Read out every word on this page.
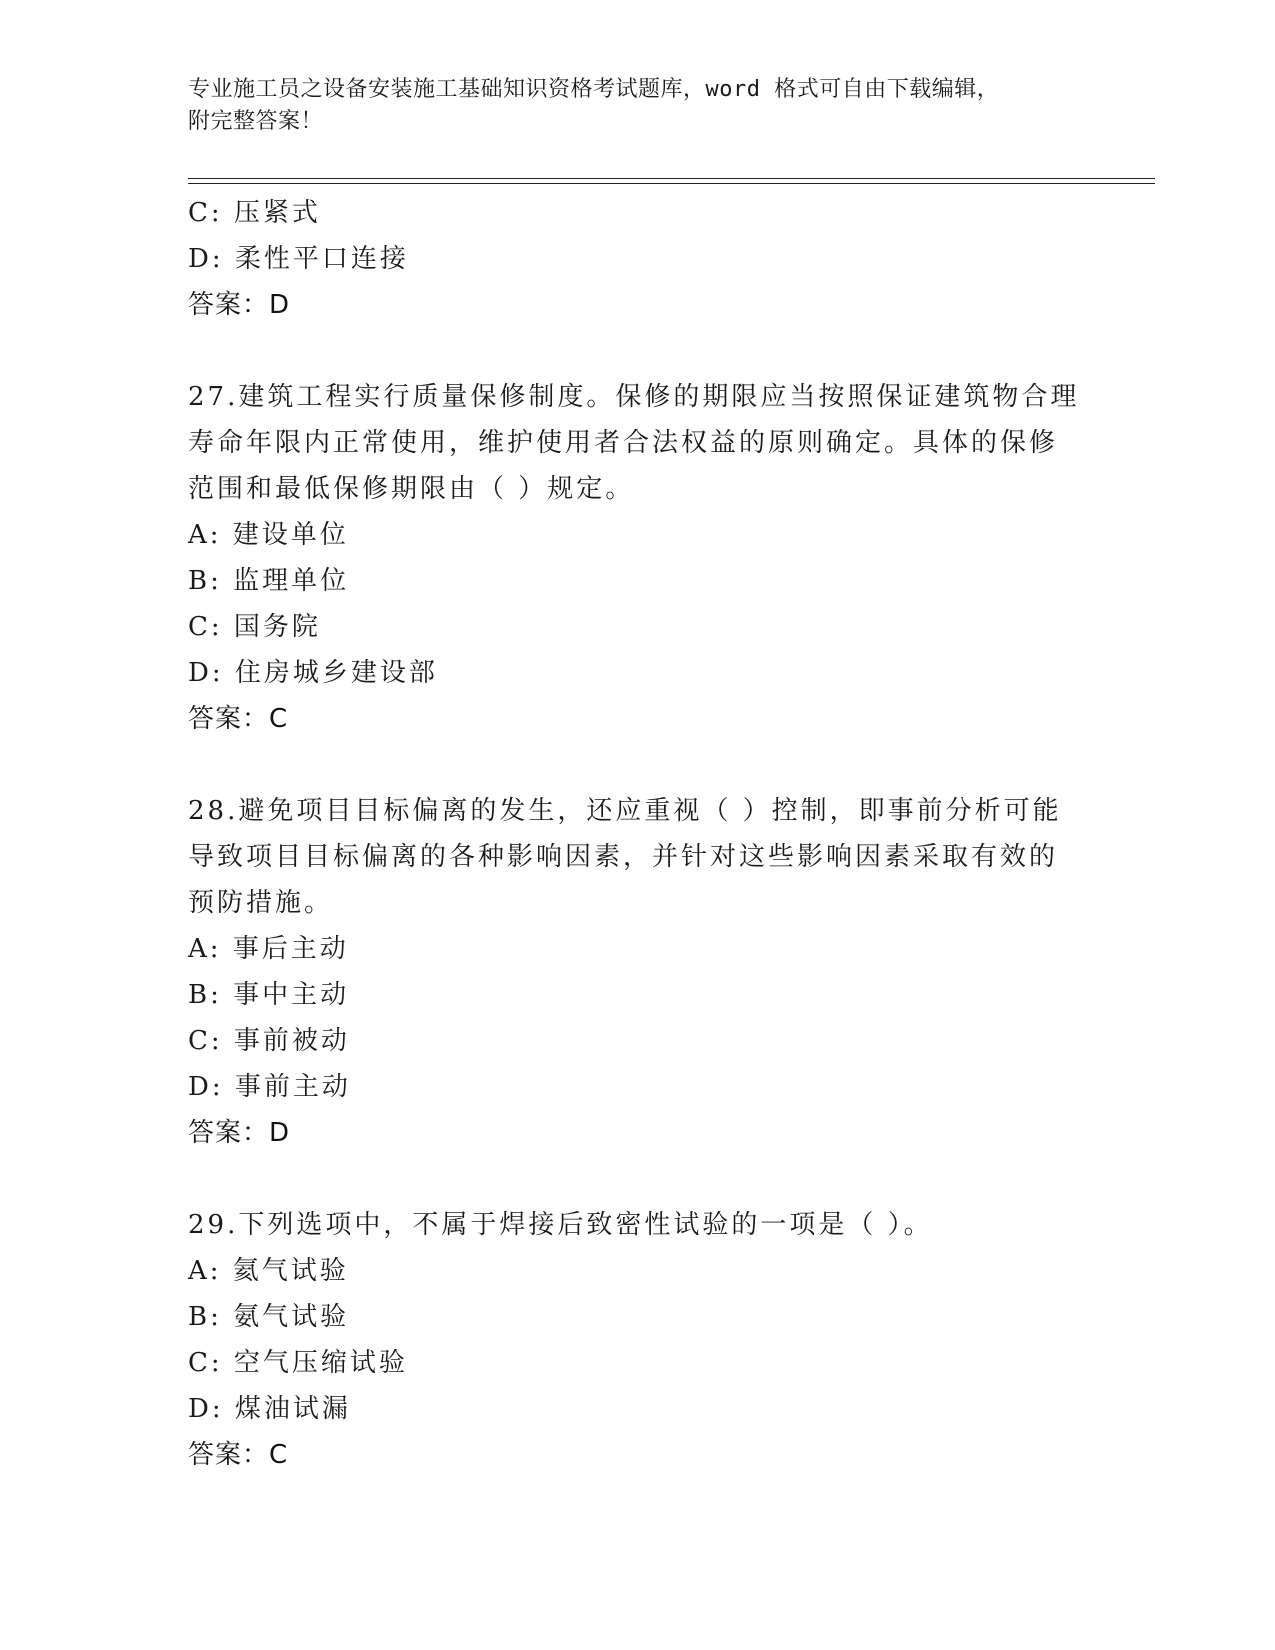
专业施工员之设备安装施工基础知识资格考试题库，word 格式可自由下载编辑，
附完整答案！
C: 压紧式
D: 柔性平口连接
答案：D
27.建筑工程实行质量保修制度。保修的期限应当按照保证建筑物合理
寿命年限内正常使用，维护使用者合法权益的原则确定。具体的保修
范围和最低保修期限由（ ）规定。
A: 建设单位
B: 监理单位
C: 国务院
D: 住房城乡建设部
答案：C
28.避免项目目标偏离的发生，还应重视（ ）控制，即事前分析可能
导致项目目标偏离的各种影响因素，并针对这些影响因素采取有效的
预防措施。
A: 事后主动
B: 事中主动
C: 事前被动
D: 事前主动
答案：D
29.下列选项中，不属于焊接后致密性试验的一项是（ ）。
A: 氦气试验
B: 氨气试验
C: 空气压缩试验
D: 煤油试漏
答案：C
